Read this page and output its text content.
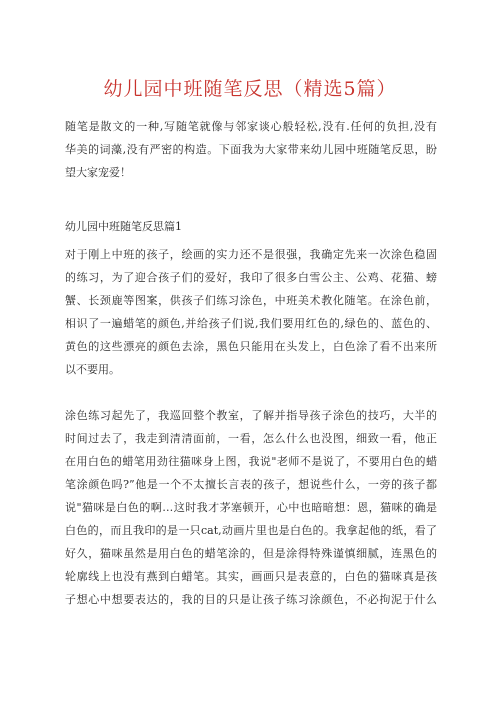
幼儿园中班随笔反思（精选5篇）

随笔是散文的一种,写随笔就像与邻家谈心般轻松,没有.任何的负担,没有
华美的词藻,没有严密的构造。下面我为大家带来幼儿园中班随笔反思，盼
望大家宠爱！

幼儿园中班随笔反思篇1

对于刚上中班的孩子，绘画的实力还不是很强，我确定先来一次涂色稳固
的练习，为了迎合孩子们的爱好，我印了很多白雪公主、公鸡、花猫、螃
蟹、长颈鹿等图案，供孩子们练习涂色，中班美术教化随笔。在涂色前，
相识了一遍蜡笔的颜色,并给孩子们说,我们要用红色的,绿色的、蓝色的、
黄色的这些漂亮的颜色去涂，黑色只能用在头发上，白色涂了看不出来所
以不要用。

涂色练习起先了，我巡回整个教室，了解并指导孩子涂色的技巧，大半的
时间过去了，我走到清清面前，一看，怎么什么也没图，细致一看，他正
在用白色的蜡笔用劲往猫咪身上图，我说"老师不是说了，不要用白色的蜡
笔涂颜色吗?”他是一个不太擅长言表的孩子，想说些什么，一旁的孩子都
说"猫咪是白色的啊…这时我才茅塞顿开，心中也暗暗想：恩，猫咪的确是
白色的，而且我印的是一只cat,动画片里也是白色的。我拿起他的纸，看了
好久，猫咪虽然是用白色的蜡笔涂的，但是涂得特殊谨慎细腻，连黑色的
轮廓线上也没有燕到白蜡笔。其实，画画只是表意的，白色的猫咪真是孩
子想心中想要表达的，我的目的只是让孩子练习涂颜色，不必拘泥于什么
